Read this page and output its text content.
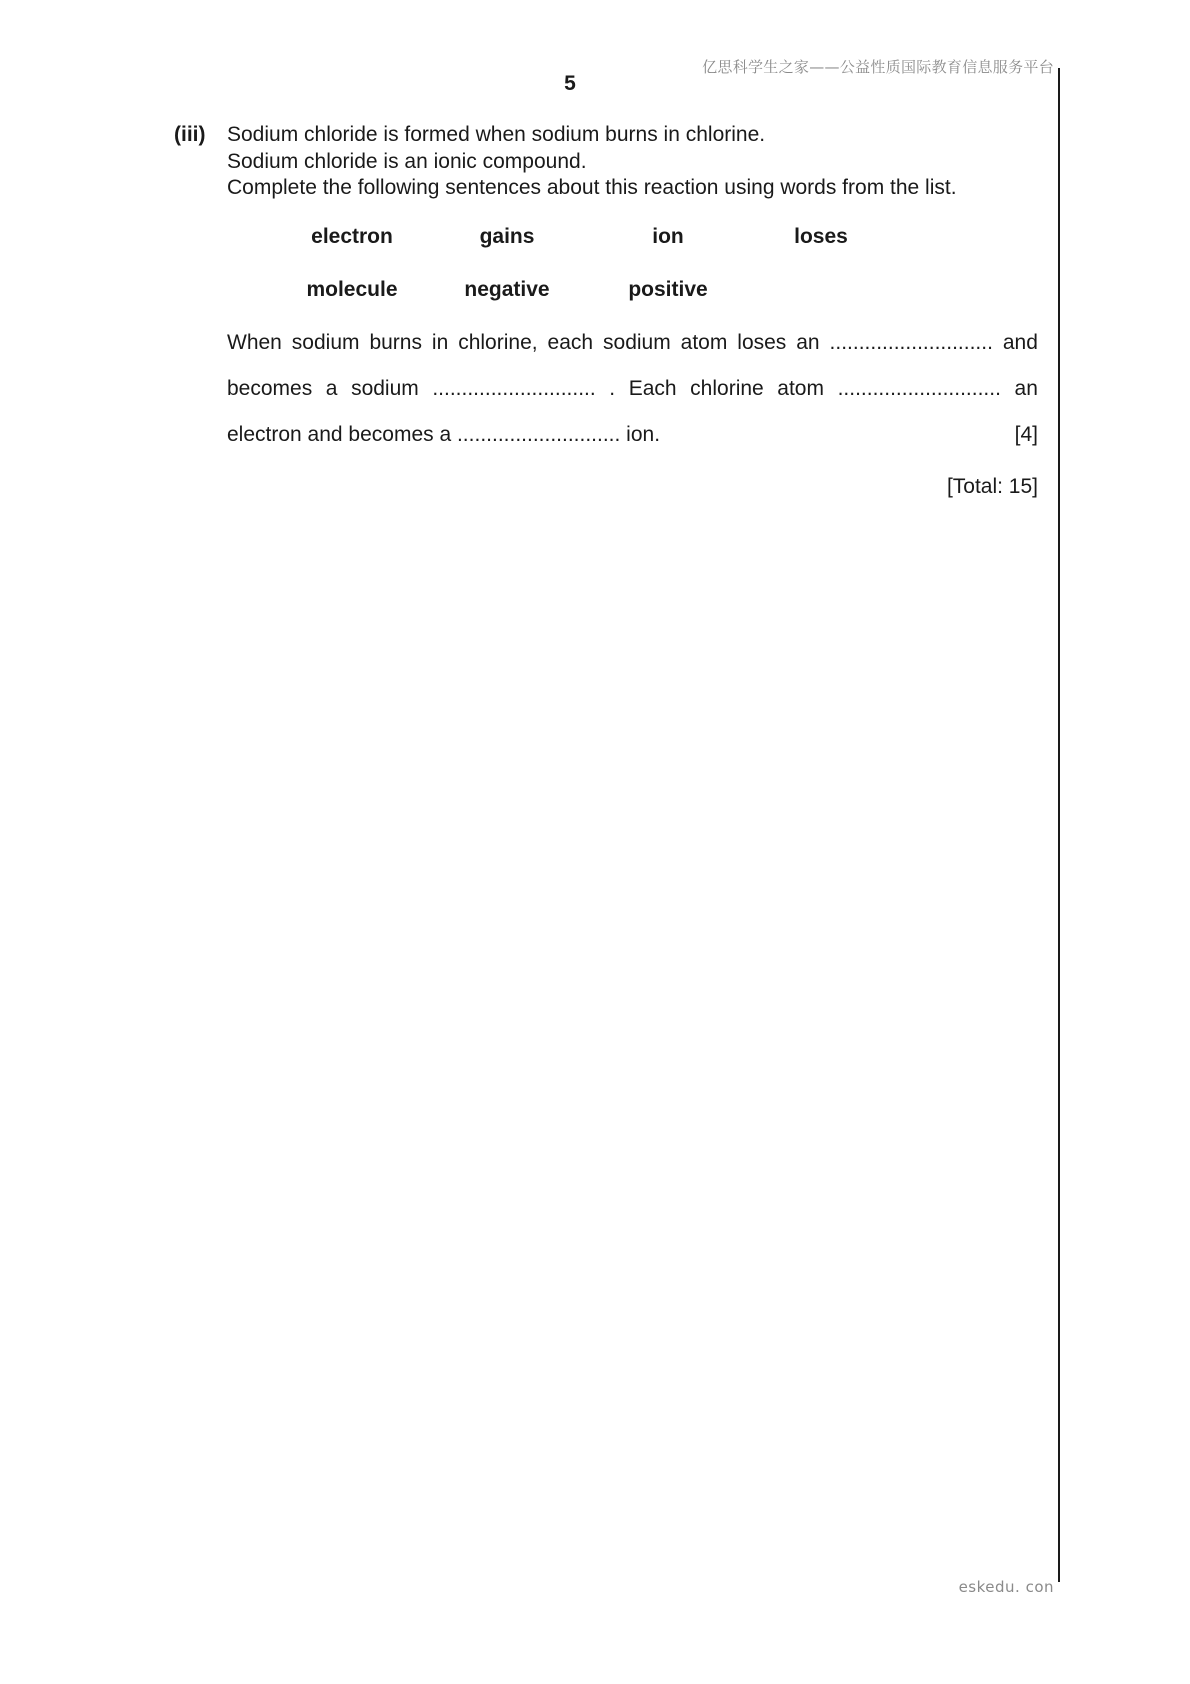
亿思科学生之家——公益性质国际教育信息服务平台
5
(iii) Sodium chloride is formed when sodium burns in chlorine.
Sodium chloride is an ionic compound.
Complete the following sentences about this reaction using words from the list.
electron	gains	ion	loses
molecule	negative	positive
When sodium burns in chlorine, each sodium atom loses an ............................ and
becomes a sodium ............................ . Each chlorine atom ............................ an
electron and becomes a ............................ ion.	[4]
[Total: 15]
eskedu. con
